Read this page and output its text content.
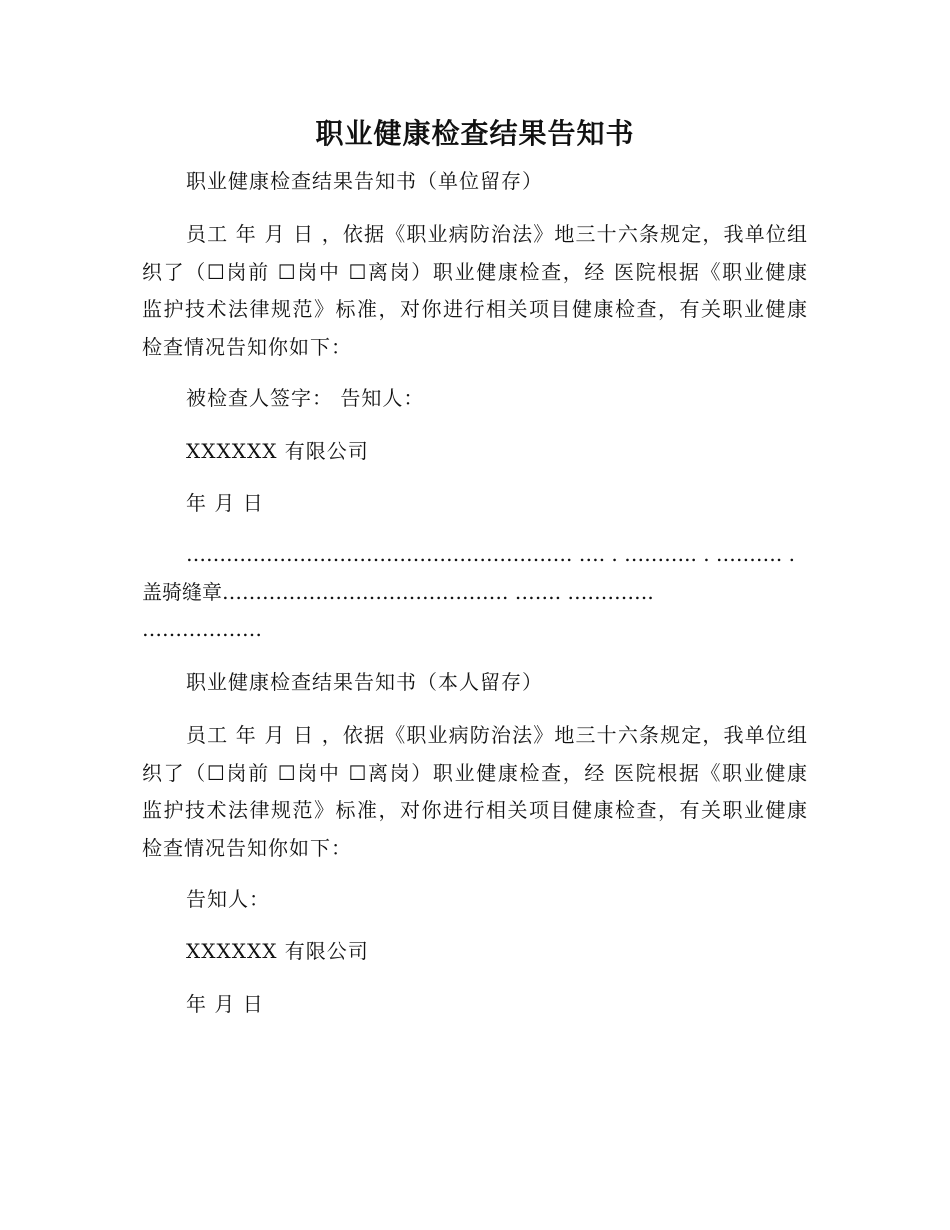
职业健康检查结果告知书
职业健康检查结果告知书（单位留存）
员工 年 月 日 ，依据《职业病防治法》地三十六条规定，我单位组织了（☐岗前 ☐岗中 ☐离岗）职业健康检查，经 医院根据《职业健康监护技术法律规范》标准，对你进行相关项目健康检查，有关职业健康检查情况告知你如下：
被检查人签字： 告知人：
XXXXXX 有限公司
年 月 日
…………………………………………………. …. . ……….. . ………. .
盖骑缝章……………………………………. ……. ………….
………………
职业健康检查结果告知书（本人留存）
员工 年 月 日 ，依据《职业病防治法》地三十六条规定，我单位组织了（☐岗前 ☐岗中 ☐离岗）职业健康检查，经 医院根据《职业健康监护技术法律规范》标准，对你进行相关项目健康检查，有关职业健康检查情况告知你如下：
告知人：
XXXXXX 有限公司
年 月 日
